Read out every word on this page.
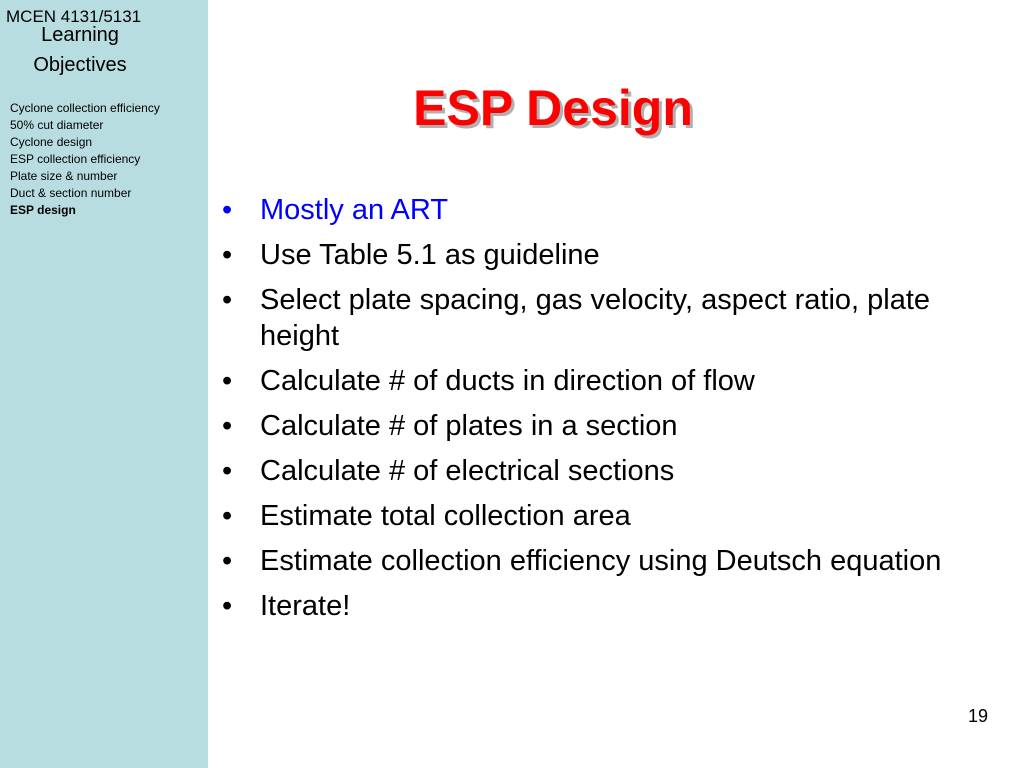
MCEN 4131/5131
Learning
Objectives
Cyclone collection efficiency
50% cut diameter
Cyclone design
ESP collection efficiency
Plate size & number
Duct & section number
ESP design
ESP Design
• Mostly an ART
• Use Table 5.1 as guideline
• Select plate spacing, gas velocity, aspect ratio, plate height
• Calculate # of ducts in direction of flow
• Calculate # of plates in a section
• Calculate # of electrical sections
• Estimate total collection area
• Estimate collection efficiency using Deutsch equation
• Iterate!
19
